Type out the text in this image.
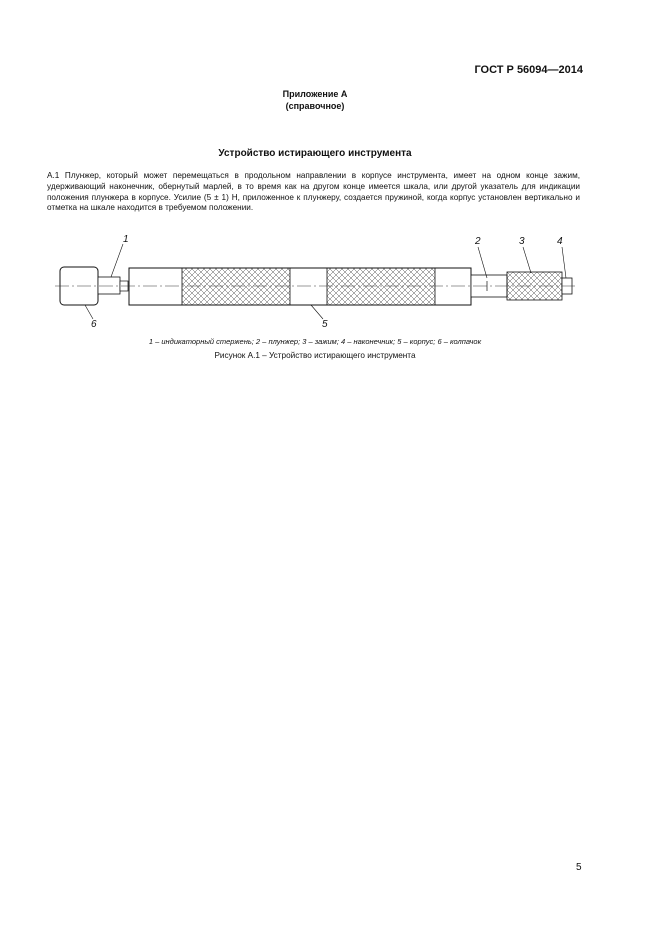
ГОСТ Р 56094—2014
Приложение А
(справочное)
Устройство истирающего инструмента
А.1 Плунжер, который может перемещаться в продольном направлении в корпусе инструмента, имеет на одном конце зажим, удерживающий наконечник, обернутый марлей, в то время как на другом конце имеется шкала, или другой указатель для индикации положения плунжера в корпусе. Усилие (5 ± 1) Н, приложенное к плунжеру, создается пружиной, когда корпус установлен вертикально и отметка на шкале находится в требуемом положении.
1	2	3	4
5
6
1 – индикаторный стержень; 2 – плунжер; 3 – зажим; 4 – наконечник; 5 – корпус; 6 – колпачок
Рисунок А.1 – Устройство истирающего инструмента
5
